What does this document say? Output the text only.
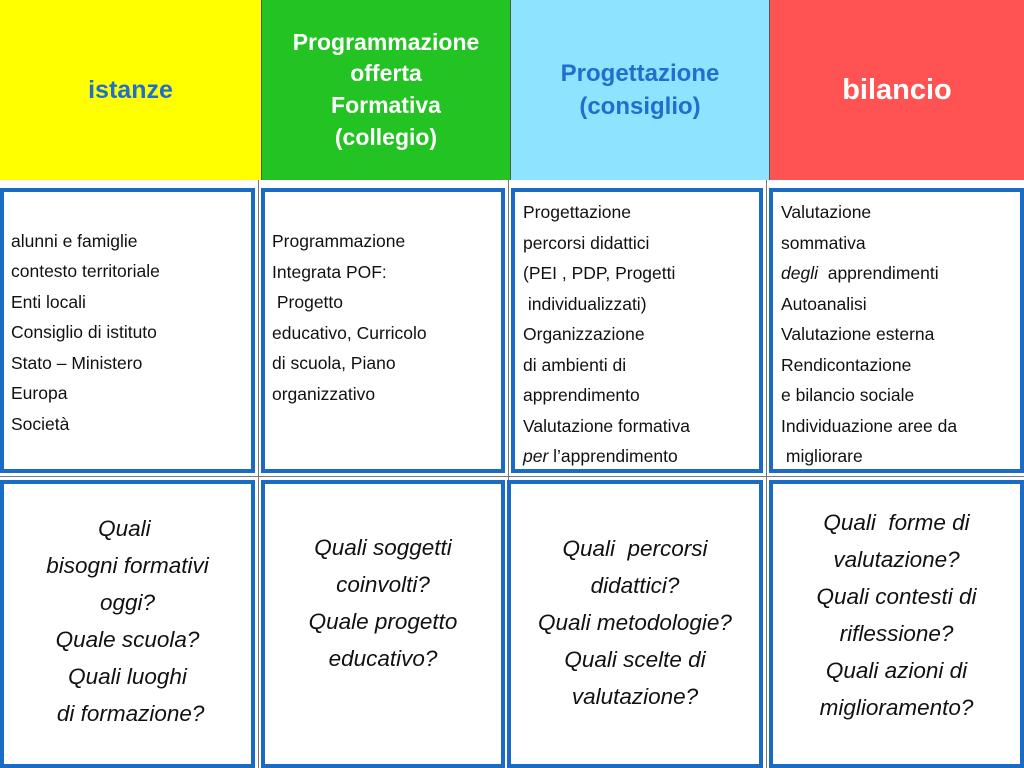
istanze
Programmazione
offerta
Formativa
(collegio)
Progettazione
(consiglio)
bilancio
alunni e famiglie
contesto territoriale
Enti locali
Consiglio di istituto
Stato – Ministero
Europa
Società
Programmazione
Integrata POF:
Progetto
educativo, Curricolo
di scuola, Piano
organizzativo
Progettazione
percorsi didattici
(PEI , PDP, Progetti
individualizzati)
Organizzazione
di ambienti di
apprendimento
Valutazione formativa
per l’apprendimento
Valutazione
sommativa
degli  apprendimenti
Autoanalisi
Valutazione esterna
Rendicontazione
e bilancio sociale
Individuazione aree da
migliorare
Quali
bisogni formativi
oggi?
Quale scuola?
Quali luoghi
di formazione?
Quali soggetti
coinvolti?
Quale progetto
educativo?
Quali  percorsi
didattici?
Quali metodologie?
Quali scelte di
valutazione?
Quali  forme di
valutazione?
Quali contesti di
riflessione?
Quali azioni di
miglioramento?
